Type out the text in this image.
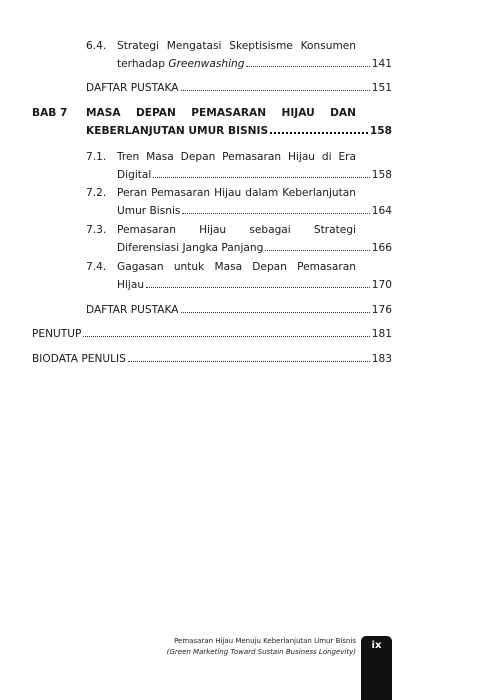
6.4. Strategi Mengatasi Skeptisisme Konsumen
terhadap Greenwashing	141
DAFTAR PUSTAKA	151
BAB 7 MASA DEPAN PEMASARAN HIJAU DAN
KEBERLANJUTAN UMUR BISNIS	158
7.1. Tren Masa Depan Pemasaran Hijau di Era
Digital	158
7.2. Peran Pemasaran Hijau dalam Keberlanjutan
Umur Bisnis	164
7.3. Pemasaran Hijau sebagai Strategi
Diferensiasi Jangka Panjang	166
7.4. Gagasan untuk Masa Depan Pemasaran
Hijau	170
DAFTAR PUSTAKA	176
PENUTUP	181
BIODATA PENULIS	183
Pemasaran Hijau Menuju Keberlanjutan Umur Bisnis
(Green Marketing Toward Sustain Business Longevity)
ix
